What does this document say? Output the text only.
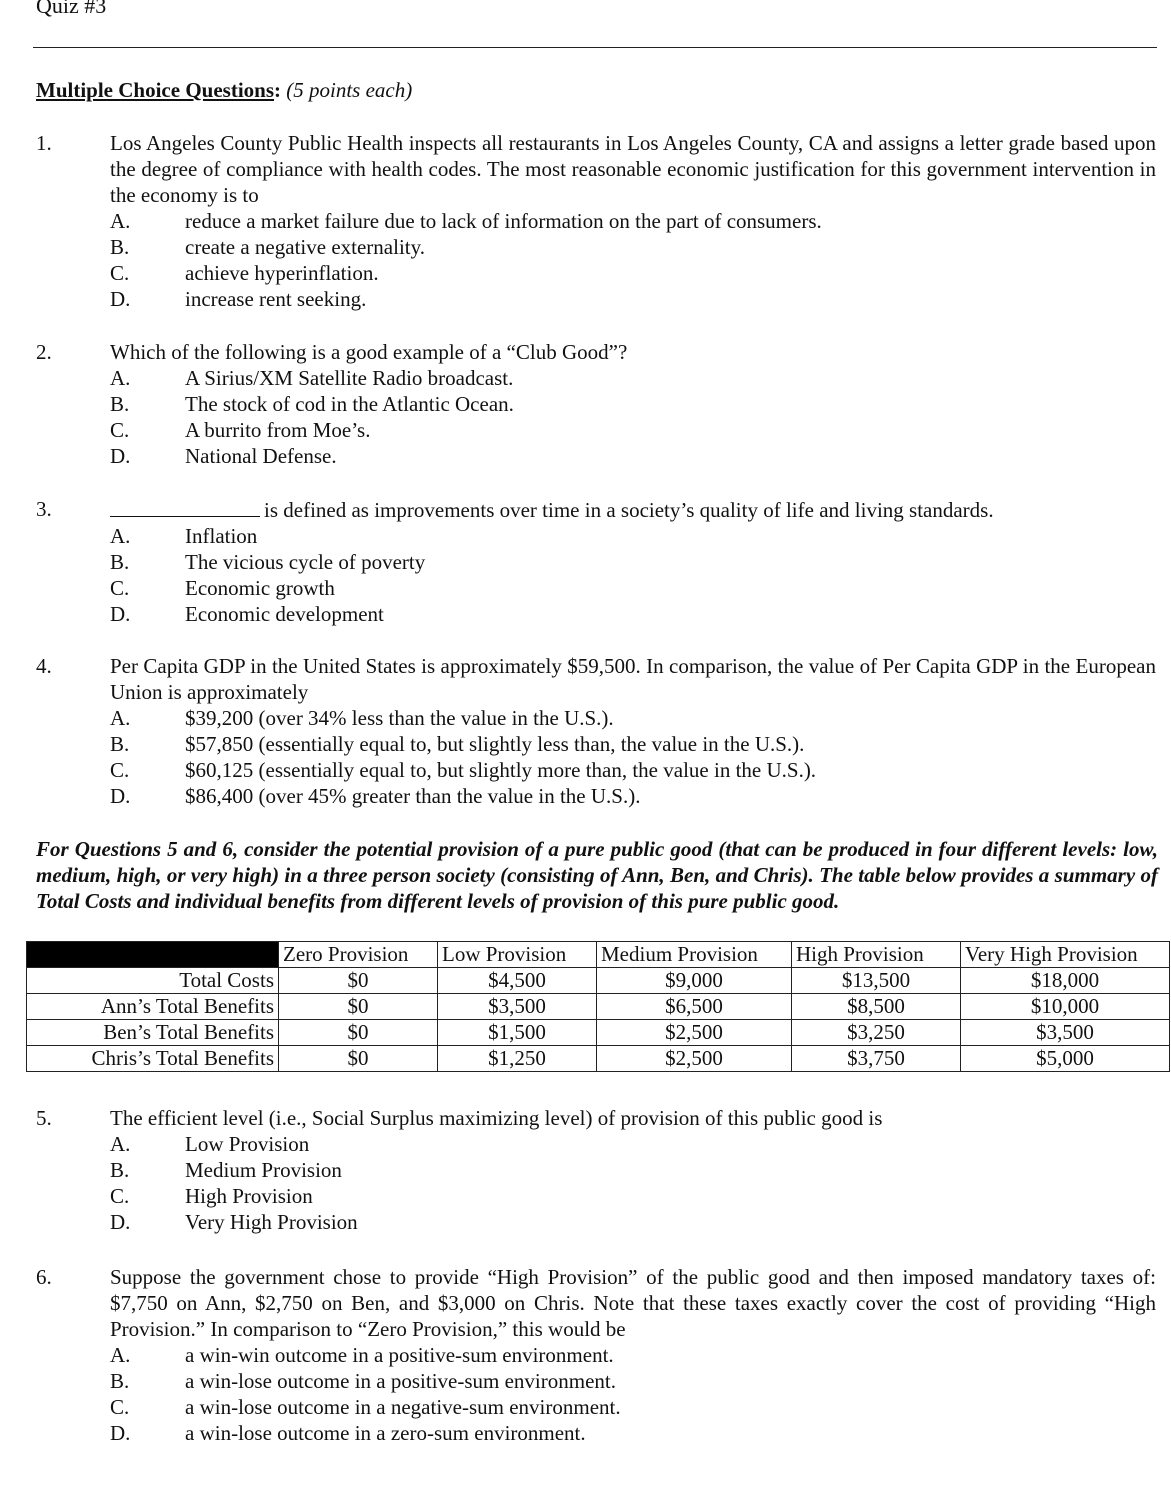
Quiz #3
Multiple Choice Questions: (5 points each)
1.	Los Angeles County Public Health inspects all restaurants in Los Angeles County, CA and assigns a letter grade based upon the degree of compliance with health codes. The most reasonable economic justification for this government intervention in the economy is to
A.	reduce a market failure due to lack of information on the part of consumers.
B.	create a negative externality.
C.	achieve hyperinflation.
D.	increase rent seeking.
2.	Which of the following is a good example of a “Club Good”?
A.	A Sirius/XM Satellite Radio broadcast.
B.	The stock of cod in the Atlantic Ocean.
C.	A burrito from Moe’s.
D.	National Defense.
3.	is defined as improvements over time in a society’s quality of life and living standards.
A.	Inflation
B.	The vicious cycle of poverty
C.	Economic growth
D.	Economic development
4.	Per Capita GDP in the United States is approximately $59,500. In comparison, the value of Per Capita GDP in the European Union is approximately
A.	$39,200 (over 34% less than the value in the U.S.).
B.	$57,850 (essentially equal to, but slightly less than, the value in the U.S.).
C.	$60,125 (essentially equal to, but slightly more than, the value in the U.S.).
D.	$86,400 (over 45% greater than the value in the U.S.).
For Questions 5 and 6, consider the potential provision of a pure public good (that can be produced in four different levels: low, medium, high, or very high) in a three person society (consisting of Ann, Ben, and Chris). The table below provides a summary of Total Costs and individual benefits from different levels of provision of this pure public good.
	Zero Provision	Low Provision	Medium Provision	High Provision	Very High Provision
Total Costs	$0	$4,500	$9,000	$13,500	$18,000
Ann’s Total Benefits	$0	$3,500	$6,500	$8,500	$10,000
Ben’s Total Benefits	$0	$1,500	$2,500	$3,250	$3,500
Chris’s Total Benefits	$0	$1,250	$2,500	$3,750	$5,000
5.	The efficient level (i.e., Social Surplus maximizing level) of provision of this public good is
A.	Low Provision
B.	Medium Provision
C.	High Provision
D.	Very High Provision
6.	Suppose the government chose to provide “High Provision” of the public good and then imposed mandatory taxes of: $7,750 on Ann, $2,750 on Ben, and $3,000 on Chris. Note that these taxes exactly cover the cost of providing “High Provision.” In comparison to “Zero Provision,” this would be
A.	a win-win outcome in a positive-sum environment.
B.	a win-lose outcome in a positive-sum environment.
C.	a win-lose outcome in a negative-sum environment.
D.	a win-lose outcome in a zero-sum environment.
